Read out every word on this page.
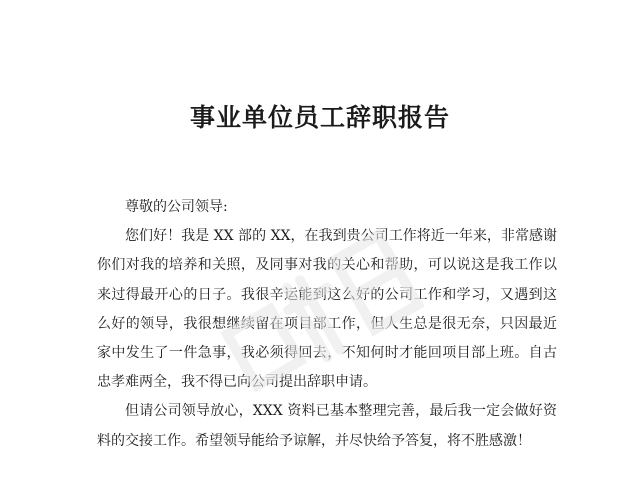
事业单位员工辞职报告

尊敬的公司领导:

您们好！我是 XX 部的 XX，在我到贵公司工作将近一年来，非常感谢你们对我的培养和关照，及同事对我的关心和帮助，可以说这是我工作以来过得最开心的日子。我很辛运能到这么好的公司工作和学习，又遇到这么好的领导，我很想继续留在项目部工作，但人生总是很无奈，只因最近家中发生了一件急事，我必须得回去，不知何时才能回项目部上班。自古忠孝难两全，我不得已向公司提出辞职申请。

但请公司领导放心，XXX 资料已基本整理完善，最后我一定会做好资料的交接工作。希望领导能给予谅解，并尽快给予答复，将不胜感激！
